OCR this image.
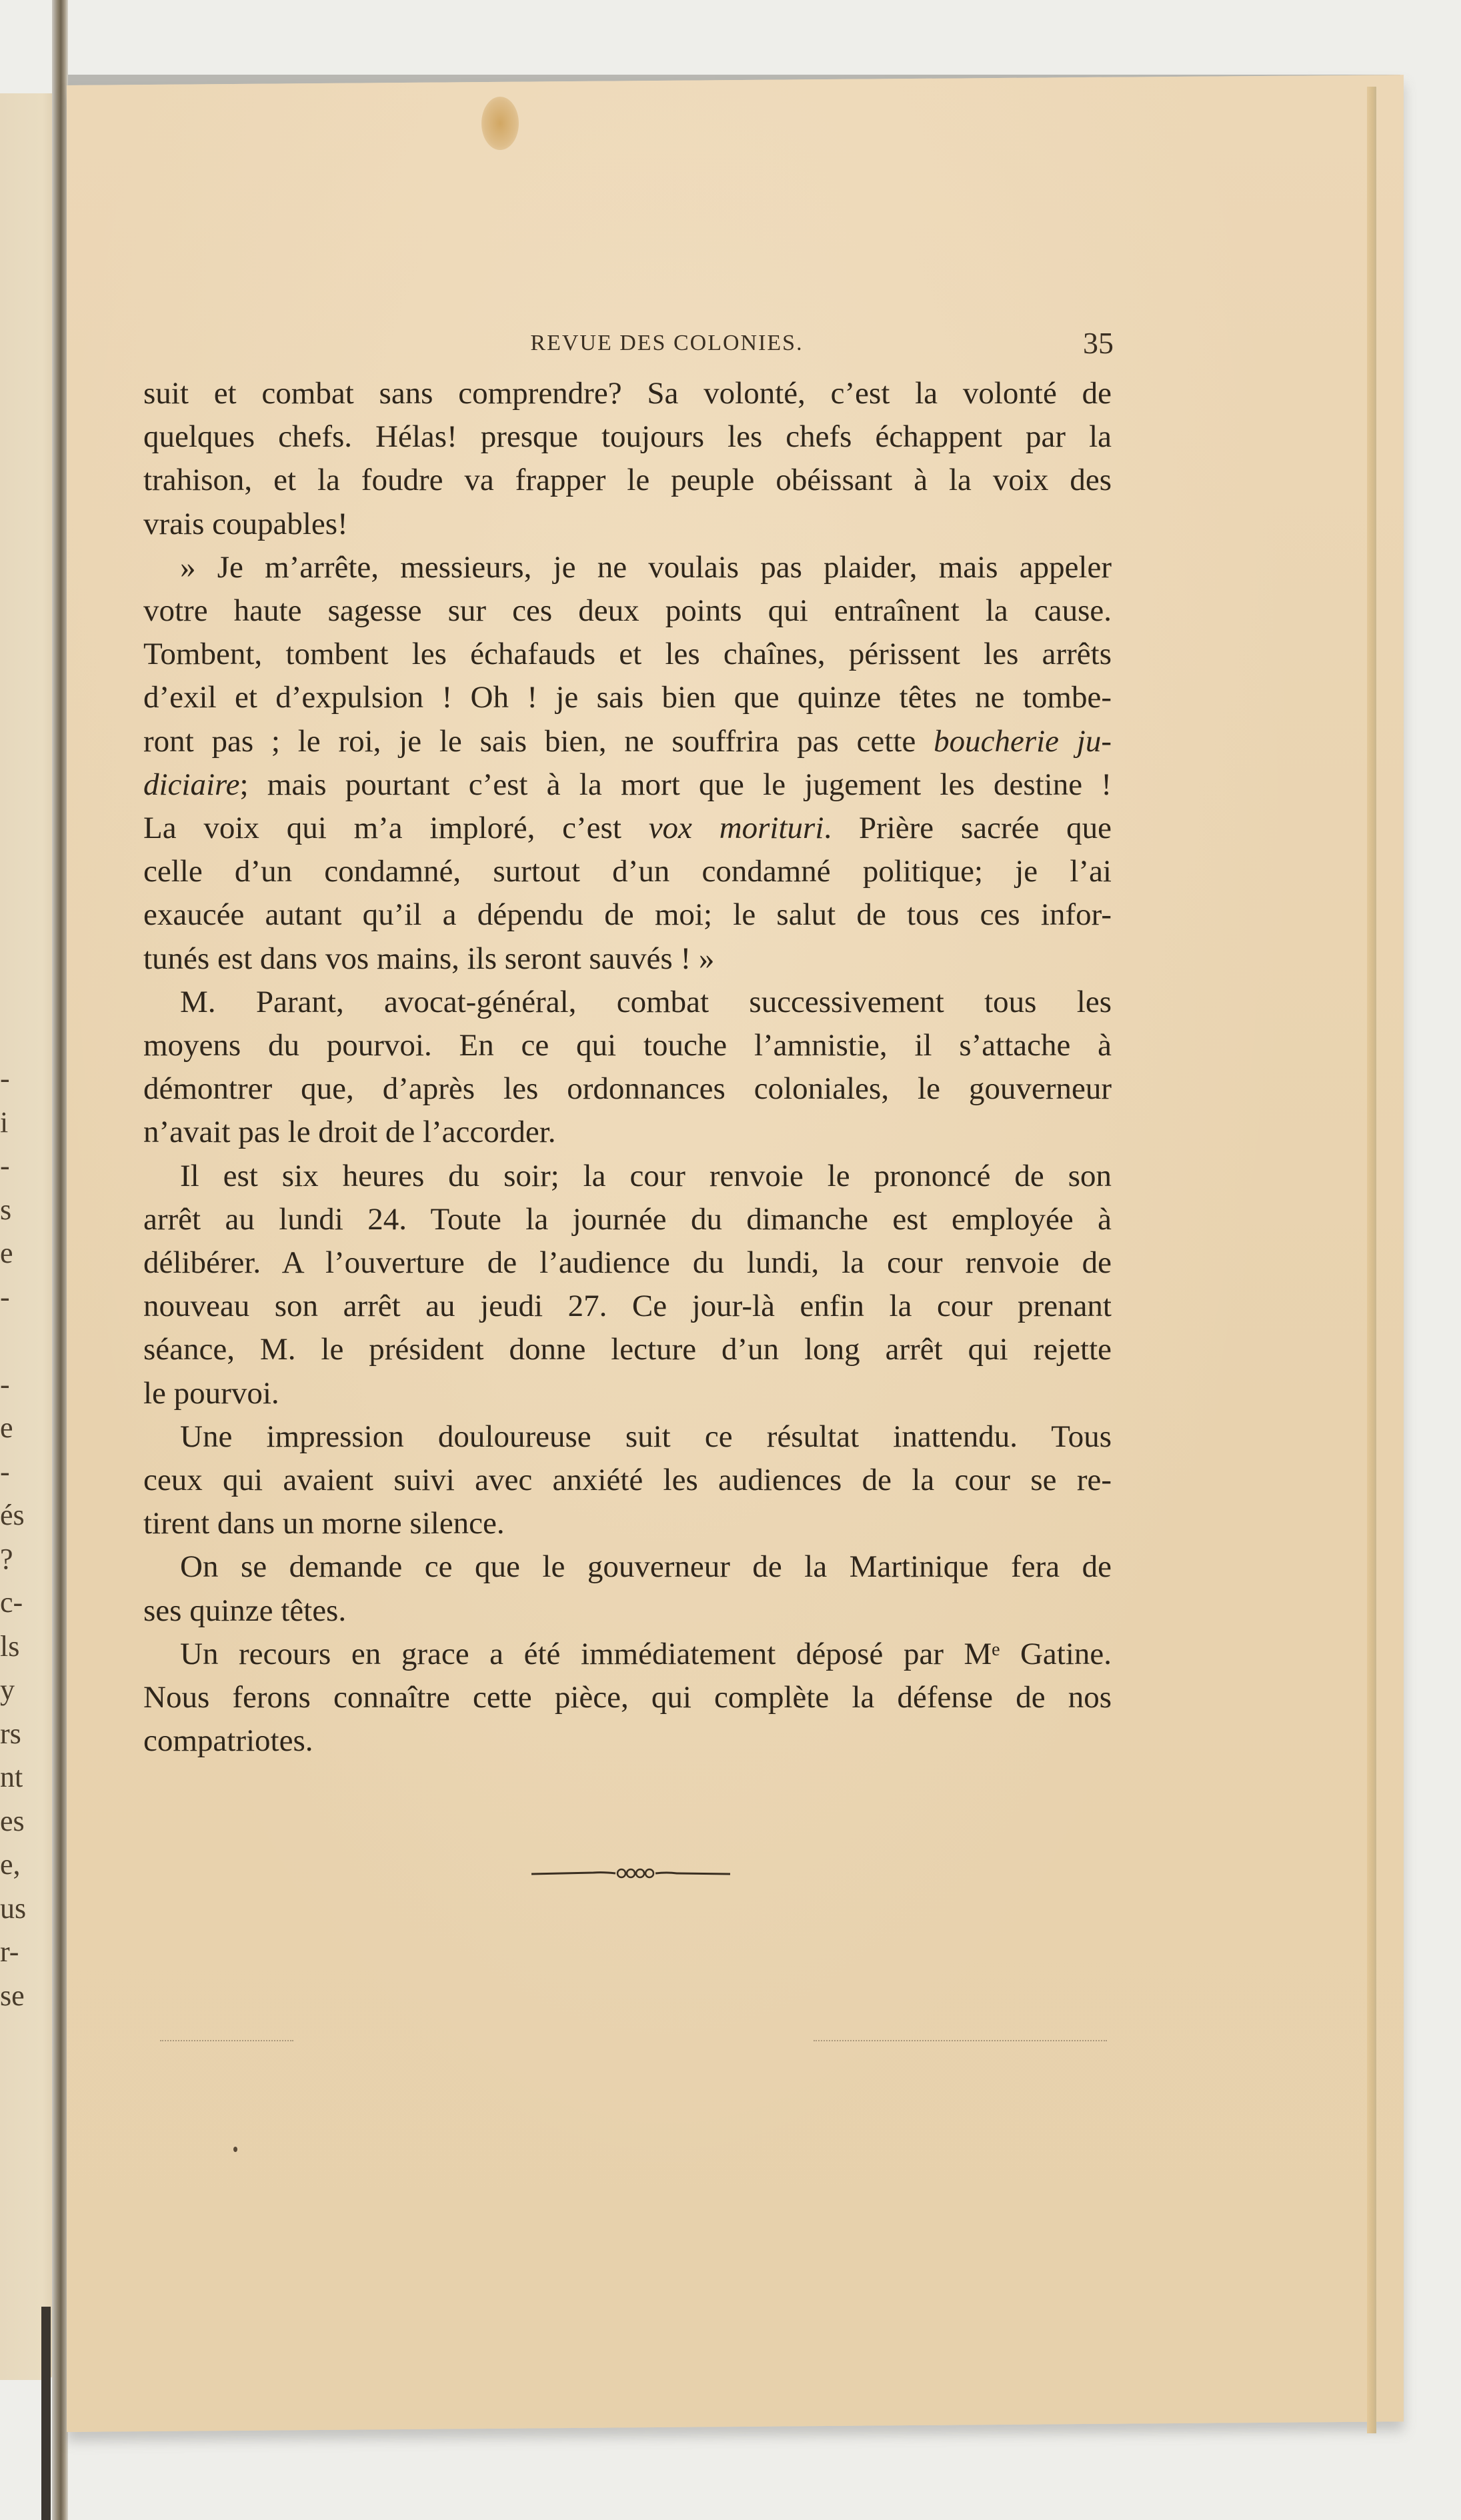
-
i
-
s
e
-

-
e
-
és
?
c-
ls
y
rs
nt
es
e,
us
r-
se
REVUE DES COLONIES.	35

suit et combat sans comprendre? Sa volonté, c’est la volonté de
quelques chefs. Hélas! presque toujours les chefs échappent par la
trahison, et la foudre va frapper le peuple obéissant à la voix des
vrais coupables!

» Je m’arrête, messieurs, je ne voulais pas plaider, mais appeler
votre haute sagesse sur ces deux points qui entraînent la cause.
Tombent, tombent les échafauds et les chaînes, périssent les arrêts
d’exil et d’expulsion ! Oh ! je sais bien que quinze têtes ne tombe-
ront pas ; le roi, je le sais bien, ne souffrira pas cette boucherie ju-
diciaire; mais pourtant c’est à la mort que le jugement les destine !
La voix qui m’a imploré, c’est vox morituri. Prière sacrée que
celle d’un condamné, surtout d’un condamné politique; je l’ai
exaucée autant qu’il a dépendu de moi; le salut de tous ces infor-
tunés est dans vos mains, ils seront sauvés ! »

M. Parant, avocat-général, combat successivement tous les
moyens du pourvoi. En ce qui touche l’amnistie, il s’attache à
démontrer que, d’après les ordonnances coloniales, le gouverneur
n’avait pas le droit de l’accorder.

Il est six heures du soir; la cour renvoie le prononcé de son
arrêt au lundi 24. Toute la journée du dimanche est employée à
délibérer. A l’ouverture de l’audience du lundi, la cour renvoie de
nouveau son arrêt au jeudi 27. Ce jour-là enfin la cour prenant
séance, M. le président donne lecture d’un long arrêt qui rejette
le pourvoi.

Une impression douloureuse suit ce résultat inattendu. Tous
ceux qui avaient suivi avec anxiété les audiences de la cour se re-
tirent dans un morne silence.

On se demande ce que le gouverneur de la Martinique fera de
ses quinze têtes.

Un recours en grace a été immédiatement déposé par Mᵉ Gatine.
Nous ferons connaître cette pièce, qui complète la défense de nos
compatriotes.
